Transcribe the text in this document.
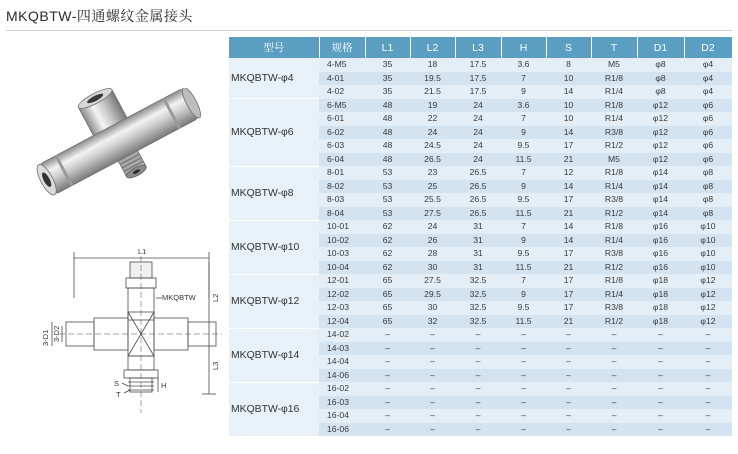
MKQBTW-四通螺纹金属接头
L1
MKQBTW L2
L3
3-D1 3-D2
S
T
H
型号	规格	L1	L2	L3	H	S	T	D1	D2
MKQBTW-φ4	4-M5	35	18	17.5	3.6	8	M5	φ8	φ4
	4-01	35	19.5	17.5	7	10	R1/8	φ8	φ4
	4-02	35	21.5	17.5	9	14	R1/4	φ8	φ4
MKQBTW-φ6	6-M5	48	19	24	3.6	10	R1/8	φ12	φ6
	6-01	48	22	24	7	10	R1/4	φ12	φ6
	6-02	48	24	24	9	14	R3/8	φ12	φ6
	6-03	48	24.5	24	9.5	17	R1/2	φ12	φ6
	6-04	48	26.5	24	11.5	21	M5	φ12	φ6
MKQBTW-φ8	8-01	53	23	26.5	7	12	R1/8	φ14	φ8
	8-02	53	25	26.5	9	14	R1/4	φ14	φ8
	8-03	53	25.5	26.5	9.5	17	R3/8	φ14	φ8
	8-04	53	27.5	26.5	11.5	21	R1/2	φ14	φ8
MKQBTW-φ10	10-01	62	24	31	7	14	R1/8	φ16	φ10
	10-02	62	26	31	9	14	R1/4	φ16	φ10
	10-03	62	28	31	9.5	17	R3/8	φ16	φ10
	10-04	62	30	31	11.5	21	R1/2	φ16	φ10
MKQBTW-φ12	12-01	65	27.5	32.5	7	17	R1/8	φ18	φ12
	12-02	65	29.5	32.5	9	17	R1/4	φ18	φ12
	12-03	65	30	32.5	9.5	17	R3/8	φ18	φ12
	12-04	65	32	32.5	11.5	21	R1/2	φ18	φ12
MKQBTW-φ14	14-02	–	–	–	–	–	–	–	–
	14-03	–	–	–	–	–	–	–	–
	14-04	–	–	–	–	–	–	–	–
	14-06	–	–	–	–	–	–	–	–
MKQBTW-φ16	16-02	–	–	–	–	–	–	–	–
	16-03	–	–	–	–	–	–	–	–
	16-04	–	–	–	–	–	–	–	–
	16-06	–	–	–	–	–	–	–	–
